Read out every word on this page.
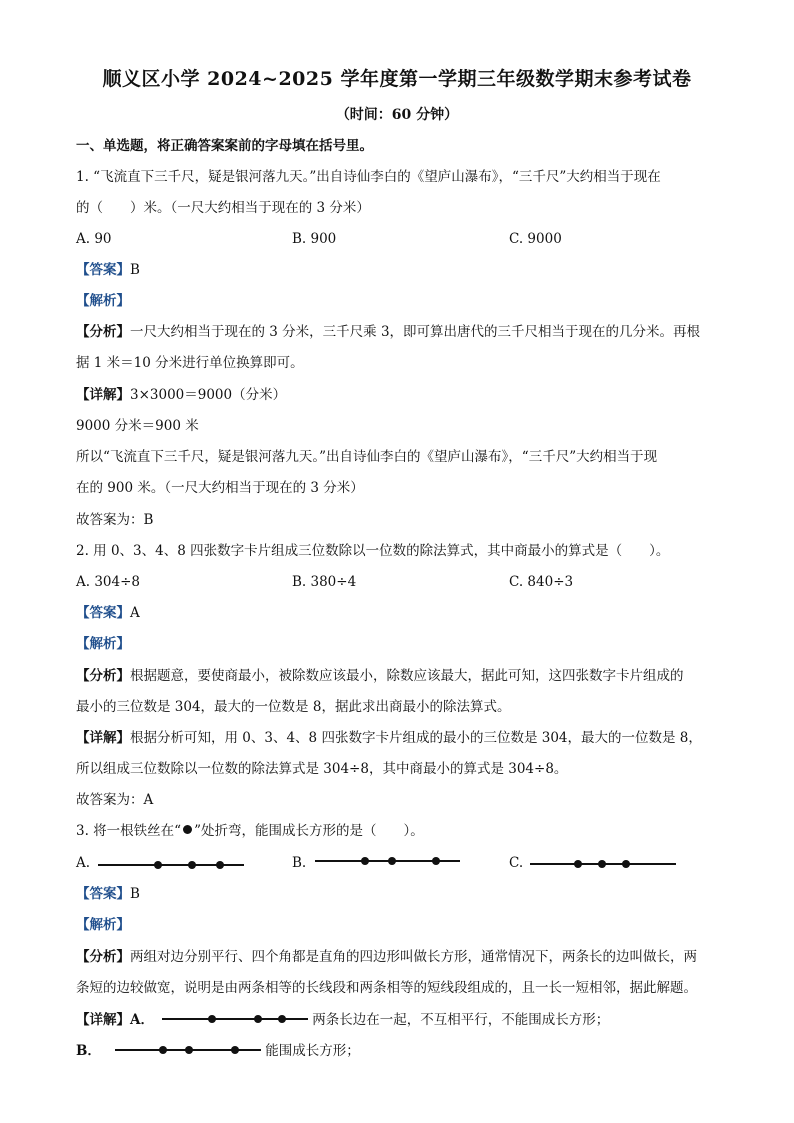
顺义区小学 2024~2025 学年度第一学期三年级数学期末参考试卷
（时间：60 分钟）
一、单选题，将正确答案案前的字母填在括号里。
1. “飞流直下三千尺，疑是银河落九天。”出自诗仙李白的《望庐山瀑布》，“三千尺”大约相当于现在
的（　　）米。（一尺大约相当于现在的 3 分米）
A. 90	B. 900	C. 9000
【答案】B
【解析】
【分析】一尺大约相当于现在的 3 分米，三千尺乘 3，即可算出唐代的三千尺相当于现在的几分米。再根
据 1 米＝10 分米进行单位换算即可。
【详解】3×3000＝9000（分米）
9000 分米＝900 米
所以“飞流直下三千尺，疑是银河落九天。”出自诗仙李白的《望庐山瀑布》，“三千尺”大约相当于现
在的 900 米。（一尺大约相当于现在的 3 分米）
故答案为：B
2. 用 0、3、4、8 四张数字卡片组成三位数除以一位数的除法算式，其中商最小的算式是（　　）。
A. 304÷8	B. 380÷4	C. 840÷3
【答案】A
【解析】
【分析】根据题意，要使商最小，被除数应该最小，除数应该最大，据此可知，这四张数字卡片组成的
最小的三位数是 304，最大的一位数是 8，据此求出商最小的除法算式。
【详解】根据分析可知，用 0、3、4、8 四张数字卡片组成的最小的三位数是 304，最大的一位数是 8，
所以组成三位数除以一位数的除法算式是 304÷8，其中商最小的算式是 304÷8。
故答案为：A
3. 将一根铁丝在“ ”处折弯，能围成长方形的是（　　）。
A.	B.	C.
【答案】B
【解析】
【分析】两组对边分别平行、四个角都是直角的四边形叫做长方形，通常情况下，两条长的边叫做长，两
条短的边较做宽，说明是由两条相等的长线段和两条相等的短线段组成的，且一长一短相邻，据此解题。
【详解】A．	两条长边在一起，不互相平行，不能围成长方形；
B．	能围成长方形；
